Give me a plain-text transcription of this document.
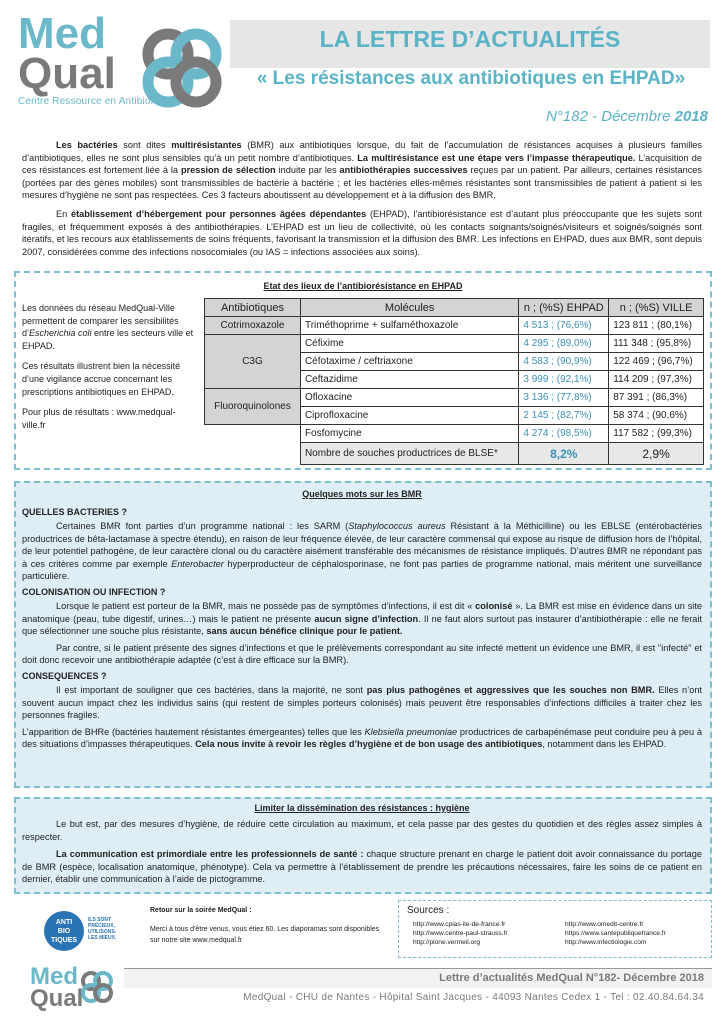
Med
Qual
Centre Ressource en Antibiologie
LA LETTRE D’ACTUALITÉS
« Les résistances aux antibiotiques en EHPAD»
N°182 - Décembre 2018

Les bactéries sont dites multirésistantes (BMR) aux antibiotiques lorsque, du fait de l’accumulation de résistances acquises à plusieurs familles d’antibiotiques, elles ne sont plus sensibles qu’à un petit nombre d’antibiotiques. La multirésistance est une étape vers l’impasse thérapeutique. L’acquisition de ces résistances est fortement liée à la pression de sélection induite par les antibiothérapies successives reçues par un patient. Par ailleurs, certaines résistances (portées par des gènes mobiles) sont transmissibles de bactérie à bactérie ; et les bactéries elles-mêmes résistantes sont transmissibles de patient à patient si les mesures d’hygiène ne sont pas respectées. Ces 3 facteurs aboutissent au développement et à la diffusion des BMR.

En établissement d’hébergement pour personnes âgées dépendantes (EHPAD), l’antibiorésistance est d’autant plus préoccupante que les sujets sont fragiles, et fréquemment exposés à des antibiothérapies. L’EHPAD est un lieu de collectivité, où les contacts soignants/soignés/visiteurs et soignés/soignés sont itératifs, et les recours aux établissements de soins fréquents, favorisant la transmission et la diffusion des BMR. Les infections en EHPAD, dues aux BMR, sont depuis 2007, considérées comme des infections nosocomiales (ou IAS = infections associées aux soins).

Etat des lieux de l’antibiorésistance en EHPAD

Les données du réseau MedQual-Ville permettent de comparer les sensibilités d’Escherichia coli entre les secteurs ville et EHPAD.

Ces résultats illustrent bien la nécessité d’une vigilance accrue concernant les prescriptions antibiotiques en EHPAD.

Pour plus de résultats : www.medqual-ville.fr

Antibiotiques	Molécules	n ; (%S) EHPAD	n ; (%S) VILLE
Cotrimoxazole	Triméthoprime + sulfaméthoxazole	4 513 ; (76,6%)	123 811 ; (80,1%)
C3G	Céfixime	4 295 ; (89,0%)	111 348 ; (95,8%)
	Céfotaxime / ceftriaxone	4 583 ; (90,9%)	122 469 ; (96,7%)
	Ceftazidime	3 999 ; (92,1%)	114 209 ; (97,3%)
Fluoroquinolones	Ofloxacine	3 136 ; (77,8%)	87 391 ; (86,3%)
	Ciprofloxacine	2 145 ; (82,7%)	58 374 ; (90,6%)
	Fosfomycine	4 274 ; (98,5%)	117 582 ; (99,3%)
	Nombre de souches productrices de BLSE*	8,2%	2,9%
Quelques mots sur les BMR
QUELLES BACTERIES ?

Certaines BMR font parties d’un programme national : les SARM (Staphylococcus aureus Résistant à la Méthicilline) ou les EBLSE (entérobactéries productrices de bêta-lactamase à spectre étendu), en raison de leur fréquence élevée, de leur caractère commensal qui expose au risque de diffusion hors de l’hôpital, de leur potentiel pathogène, de leur caractère clonal ou du caractère aisément transférable des mécanismes de résistance impliqués. D’autres BMR ne répondant pas à ces critères comme par exemple Enterobacter hyperproducteur de céphalosporinase, ne font pas parties de programme national, mais méritent une surveillance particulière.

COLONISATION OU INFECTION ?

Lorsque le patient est porteur de la BMR, mais ne possède pas de symptômes d’infections, il est dit « colonisé ». La BMR est mise en évidence dans un site anatomique (peau, tube digestif, urines…) mais le patient ne présente aucun signe d’infection. Il ne faut alors surtout pas instaurer d’antibiothérapie : elle ne ferait que sélectionner une souche plus résistante, sans aucun bénéfice clinique pour le patient.

Par contre, si le patient présente des signes d’infections et que le prélèvements correspondant au site infecté mettent un évidence une BMR, il est "infecté" et doit donc recevoir une antibiothérapie adaptée (c’est à dire efficace sur la BMR).

CONSEQUENCES ?

Il est important de souligner que ces bactéries, dans la majorité, ne sont pas plus pathogènes et aggressives que les souches non BMR. Elles n’ont souvent aucun impact chez les individus sains (qui restent de simples porteurs colonisés) mais peuvent être responsables d’infections difficiles à traiter chez les personnes fragiles.

L’apparition de BHRe (bactéries hautement résistantes émergeantes) telles que les Klebsiella pneumoniae productrices de carbapénémase peut conduire peu à peu à des situations d’impasses thérapeutiques. Cela nous invite à revoir les règles d’hygiène et de bon usage des antibiotiques, notamment dans les EHPAD.

Limiter la dissémination des résistances : hygiène

Le but est, par des mesures d’hygiène, de réduire cette circulation au maximum, et cela passe par des gestes du quotidien et des règles assez simples à respecter.

La communication est primordiale entre les professionnels de santé : chaque structure prenant en charge le patient doit avoir connaissance du portage de BMR (espèce, localisation anatomique, phénotype). Cela va permettre à l’établissement de prendre les précautions nécessaires, faire les soins de ce patient en dernier, établir une communication à l’aide de pictogramme.

ANTI
BIO
TIQUES
ILS SONT PRÉCIEUX, UTILISONS-LES MIEUX.
Retour sur la soirée MedQual :
Merci à tous d’être venus, vous étiez 60. Les diaporamas sont disponibles sur notre site www.medqual.fr
Sources :
http://www.cpias-ile-de-france.fr	http://www.omedit-centre.fr
http://www.centre-paul-strauss.fr	https://www.santepubliquefrance.fr
http://plone.vermeil.org	http://www.infectiologie.com
Med
Qual
Lettre d’actualités MedQual N°182- Décembre 2018
MedQual - CHU de Nantes - Hôpital Saint Jacques - 44093 Nantes Cedex 1 - Tel : 02.40.84.64.34
